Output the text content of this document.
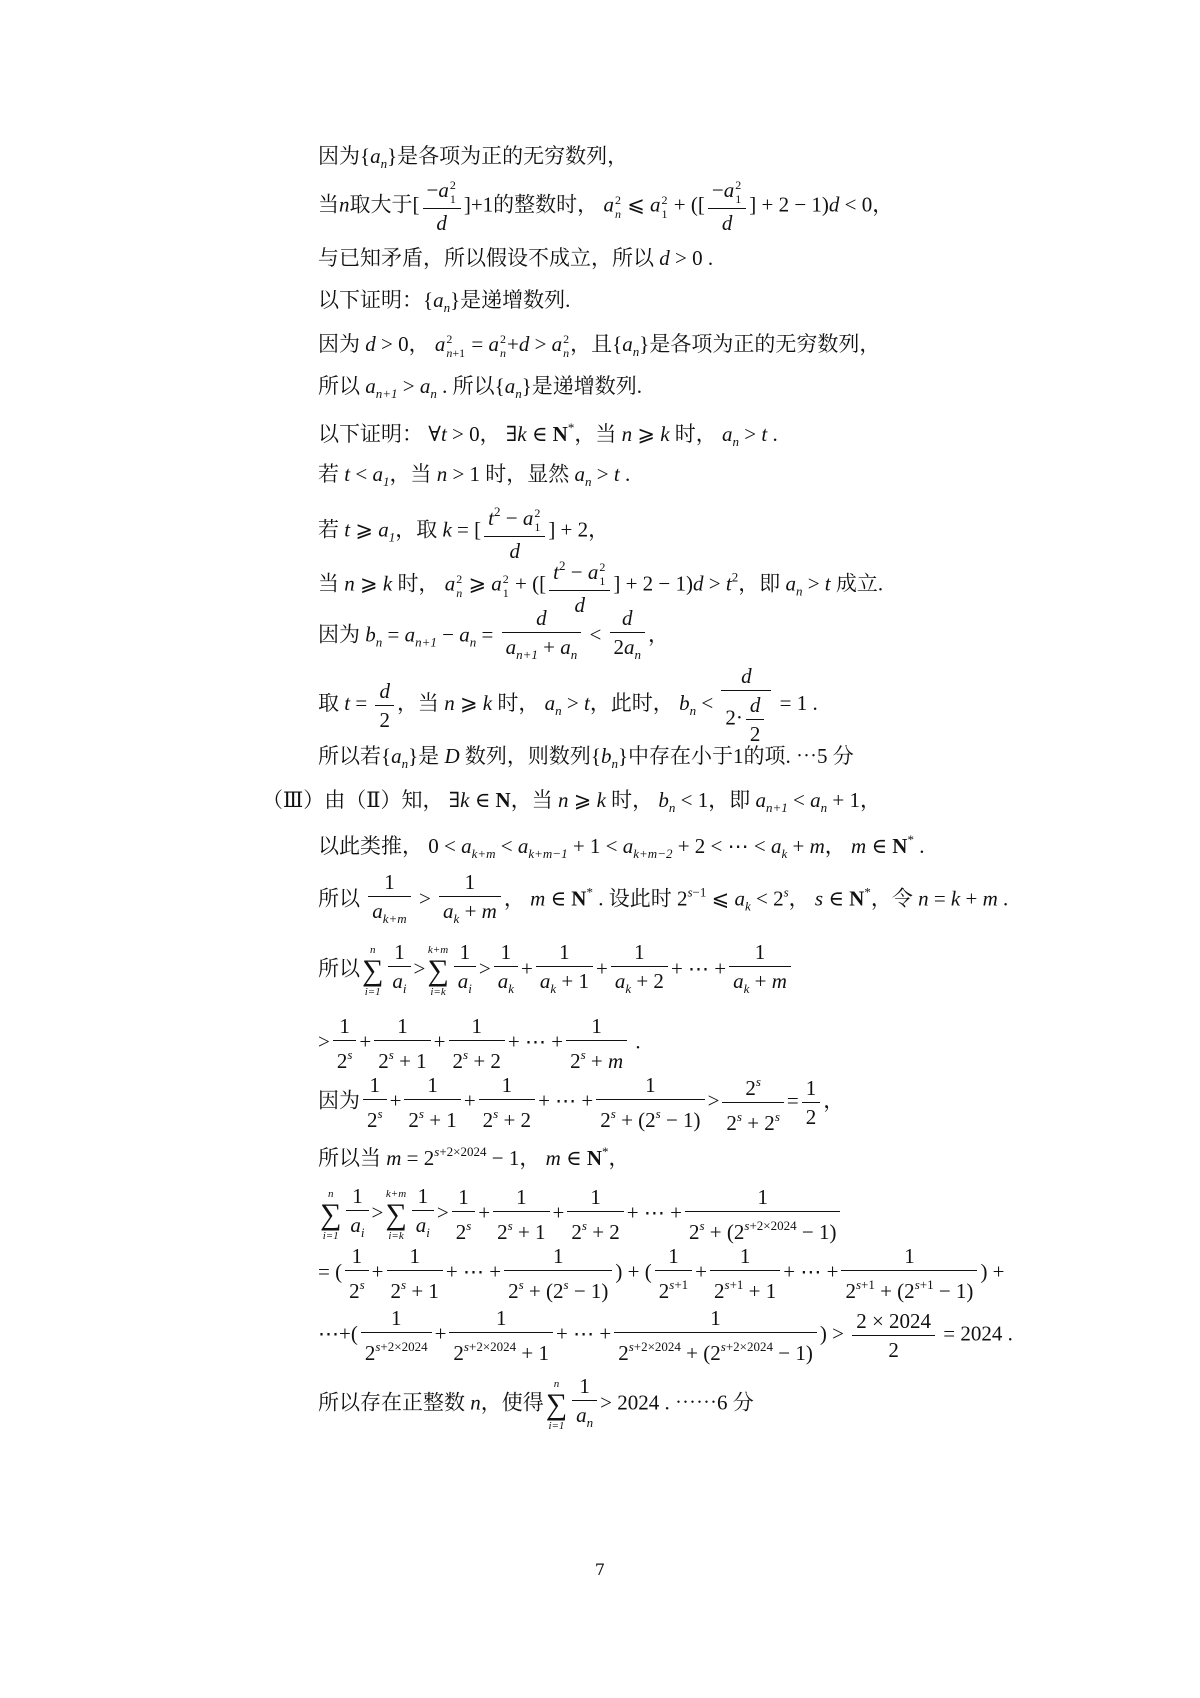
因为$\{a_n\}$是各项为正的无穷数列，
当n取大于[ −a 2
1
d ]+1的整数时， a 2
n ⩽ a 2
1 + ([ −a 2
1
d ] + 2 − 1)d < 0，
与已知矛盾，所以假设不成立，所以 d > 0 .
以下证明：$\{a_n\}$是递增数列.
因为 d > 0， a 2
n+1 = a 2
n +d > a 2
n ，且$\{a_n\}$是各项为正的无穷数列，
所以 $a_{n+1} > a_n$ . 所以$\{a_n\}$是递增数列.
以下证明： ∀t > 0， ∃k ∈ N*，当 n ⩾ k 时， $a_n > t$ .
若 $t < a_1$，当 n > 1 时，显然 $a_n > t$ .
若 t ⩾ $a_1$，取 k = [ $t^2 - a$ 2
1
d ] + 2，
当 n ⩾ k 时， a 2
n ⩾ a 2
1 + ([ $t^2 - a$ 2
1
d ] + $2 - 1)d > t^2$，即 $a_n > t$ 成立.
因为 $b_n = a_{n+1} - a_n = \frac{d}{a_{n+1} + a_n} < \frac{d}{2a_n}$ ，
取 $t = \frac{d}{2}$ ，当 n ⩾ k 时， $a_n > t$，此时， $b_n < \frac{d}{2\cdot \frac{d}{2}} = 1$ .
所以若$\{a_n\}$是 D 数列，则数列$\{b_n\}$中存在小于1的项. ⋯5 分
（Ⅲ）由（Ⅱ）知， ∃k ∈ N，当 n ⩾ k 时， $b_n < 1$，即 $a_{n+1} < a_n + 1$，
以此类推， $0 < a_{k+m} < a_{k+m-1} + 1 < a_{k+m-2} + 2$ < ⋯ < $a_k + m$， m ∈ N* .
所以 $\frac{1}{a_{k+m}} > \frac{1}{a_k + m}$ ， m ∈ N* . 设此时 $2^{s-1}$ ⩽ $a_k < 2^s$， s ∈ N*，令 n = k + m .
所以
n
∑
$i=1 \frac{1}{a_i}$ >
k+m
∑
$i=k \frac{1}{a_i} > \frac{1}{a_k} + \frac{1}{a_k + 1} + \frac{1}{a_k + 2}$ + ⋯ + $\frac{1}{a_k + m}$
> $\frac{1}{2^s} + \frac{1}{2^s + 1} + \frac{1}{2^s + 2}$ + ⋯ + $\frac{1}{2^s + m}$ .
因为 $\frac{1}{2^s} + \frac{1}{2^s + 1} + \frac{1}{2^s + 2}$ + ⋯ + $\frac{1}{2^s + (2^s - 1)} > \frac{2^s}{2^s + 2^s} = \frac{1}{2}$ ，
所以当 $m = 2^{s+2\times 2024} - 1$， m ∈ N*，
n
∑
$i=1 \frac{1}{a_i}$ >
k+m
∑
$i=k \frac{1}{a_i} > \frac{1}{2^s} + \frac{1}{2^s + 1} + \frac{1}{2^s + 2}$ + ⋯ + $\frac{1}{2^s + (2^{s+2\times 2024} - 1)}$
= ( $\frac{1}{2^s} + \frac{1}{2^s + 1}$ + ⋯ + $\frac{1}{2^s + (2^s - 1)}$ ) + ( $\frac{1}{2^{s+1}} + \frac{1}{2^{s+1} + 1}$ + ⋯ + $\frac{1}{2^{s+1} + (2^{s+1} - 1)}$ ) +
⋯+( $\frac{1}{2^{s+2\times 2024}} + \frac{1}{2^{s+2\times 2024} + 1}$ + ⋯ + $\frac{1}{2^{s+2\times 2024} + (2^{s+2\times 2024} - 1)}$ ) > $\frac{2 \times 2024}{2} = 2024$ .
所以存在正整数 n，使得
n
∑
$i=1 \frac{1}{a_n} > 2024$ . ⋯⋯6 分
7
